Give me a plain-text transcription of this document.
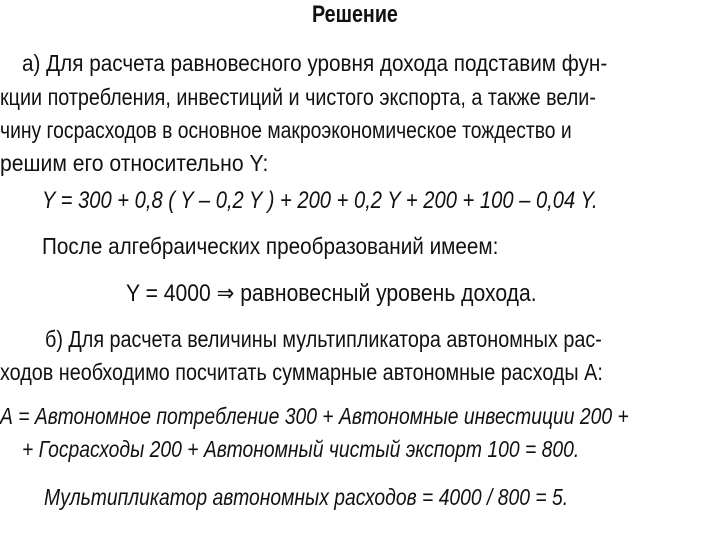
Решение
а) Для расчета равновесного уровня дохода подставим фун-
кции потребления, инвестиций и чистого экспорта, а также вели-
чину госрасходов в основное макроэкономическое тождество и
решим его относительно Y:
Y = 300 + 0,8 ( Y – 0,2 Y ) + 200 + 0,2 Y + 200 + 100 – 0,04 Y.
После алгебраических преобразований имеем:
Y = 4000 ⇒ равновесный уровень дохода.
б) Для расчета величины мультипликатора автономных рас-
ходов необходимо посчитать суммарные автономные расходы А:
А = Автономное потребление 300 + Автономные инвестиции 200 +
+ Госрасходы 200 + Автономный чистый экспорт 100 = 800.
Мультипликатор автономных расходов = 4000 / 800 = 5.
